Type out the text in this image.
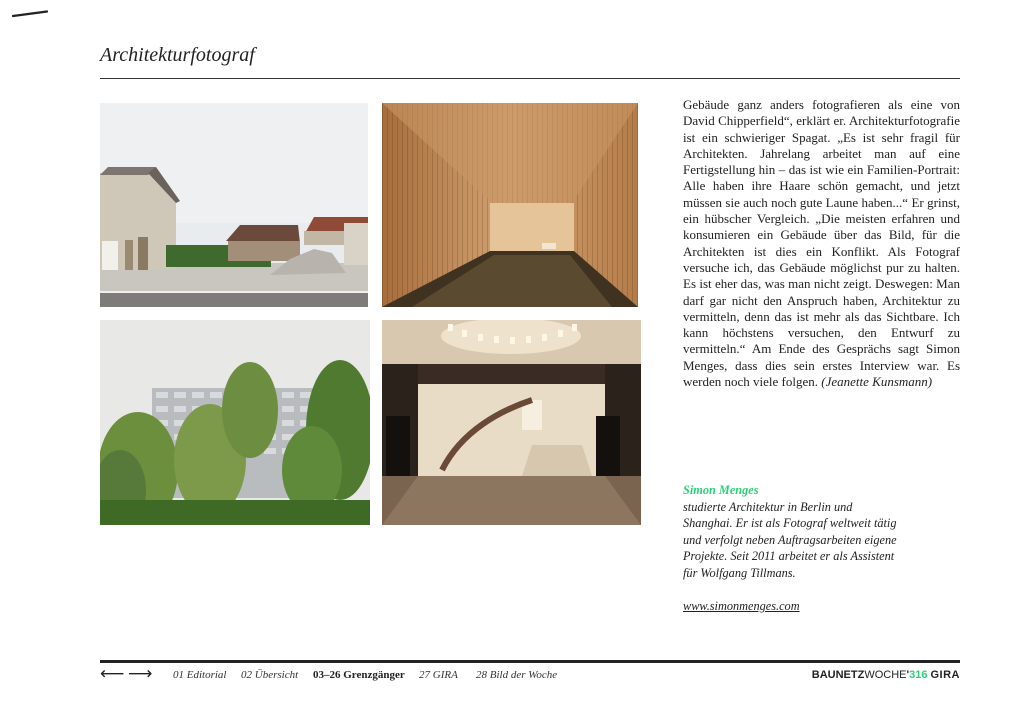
Architekturfotograf
Gebäude ganz anders fotografieren als eine von David Chipperfield“, erklärt er. Architekturfotografie ist ein schwieriger Spagat. „Es ist sehr fragil für Architekten. Jahrelang arbeitet man auf eine Fertigstellung hin – das ist wie ein Familien-Portrait: Alle haben ihre Haare schön gemacht, und jetzt müssen sie auch noch gute Laune haben...“ Er grinst, ein hübscher Vergleich. „Die meisten erfahren und konsumieren ein Gebäude über das Bild, für die Architekten ist dies ein Konflikt. Als Fotograf versuche ich, das Gebäude möglichst pur zu halten. Es ist eher das, was man nicht zeigt. Deswegen: Man darf gar nicht den Anspruch haben, Architektur zu vermitteln, denn das ist mehr als das Sichtbare. Ich kann höchstens versuchen, den Entwurf zu vermitteln.“ Am Ende des Gesprächs sagt Simon Menges, dass dies sein erstes Interview war. Es werden noch viele folgen. (Jeanette Kunsmann)
Simon Menges
studierte Architektur in Berlin und Shanghai. Er ist als Fotograf weltweit tätig und verfolgt neben Auftragsarbeiten eigene Projekte. Seit 2011 arbeitet er als Assistent für Wolfgang Tillmans.
www.simonmenges.com
⟵ ⟶ 01 Editorial 02 Übersicht 03–26 Grenzgänger 27 GIRA 28 Bild der Woche	BAUNETZWOCHE'316 GIRA
